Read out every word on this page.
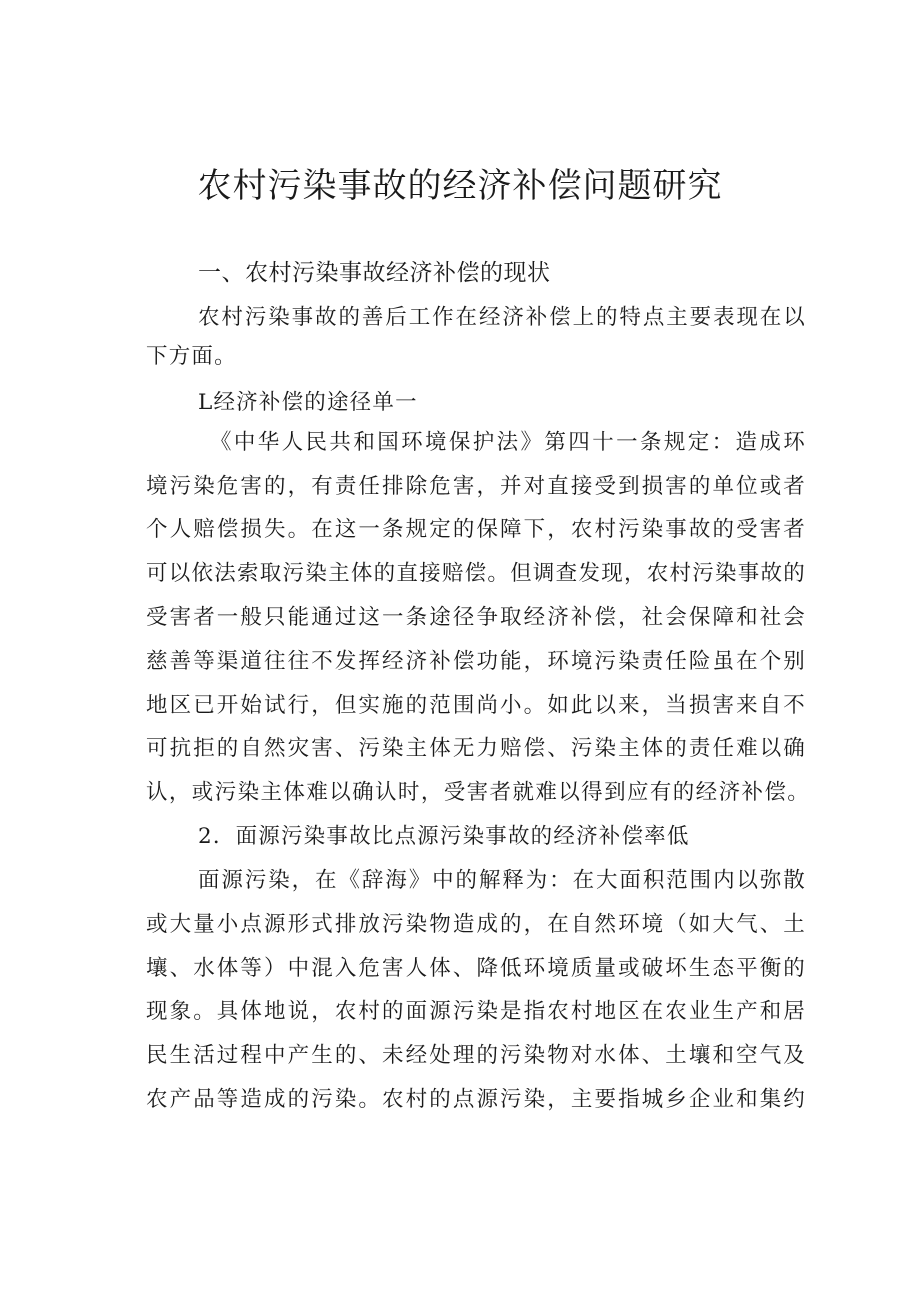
农村污染事故的经济补偿问题研究
一、农村污染事故经济补偿的现状
农村污染事故的善后工作在经济补偿上的特点主要表现在以
下方面。
L经济补偿的途径单一
《中华人民共和国环境保护法》第四十一条规定：造成环
境污染危害的，有责任排除危害，并对直接受到损害的单位或者
个人赔偿损失。在这一条规定的保障下，农村污染事故的受害者
可以依法索取污染主体的直接赔偿。但调查发现，农村污染事故的
受害者一般只能通过这一条途径争取经济补偿，社会保障和社会
慈善等渠道往往不发挥经济补偿功能，环境污染责任险虽在个别
地区已开始试行，但实施的范围尚小。如此以来，当损害来自不
可抗拒的自然灾害、污染主体无力赔偿、污染主体的责任难以确
认，或污染主体难以确认时，受害者就难以得到应有的经济补偿。
2．面源污染事故比点源污染事故的经济补偿率低
面源污染，在《辞海》中的解释为：在大面积范围内以弥散
或大量小点源形式排放污染物造成的，在自然环境（如大气、土
壤、水体等）中混入危害人体、降低环境质量或破坏生态平衡的
现象。具体地说，农村的面源污染是指农村地区在农业生产和居
民生活过程中产生的、未经处理的污染物对水体、土壤和空气及
农产品等造成的污染。农村的点源污染，主要指城乡企业和集约
